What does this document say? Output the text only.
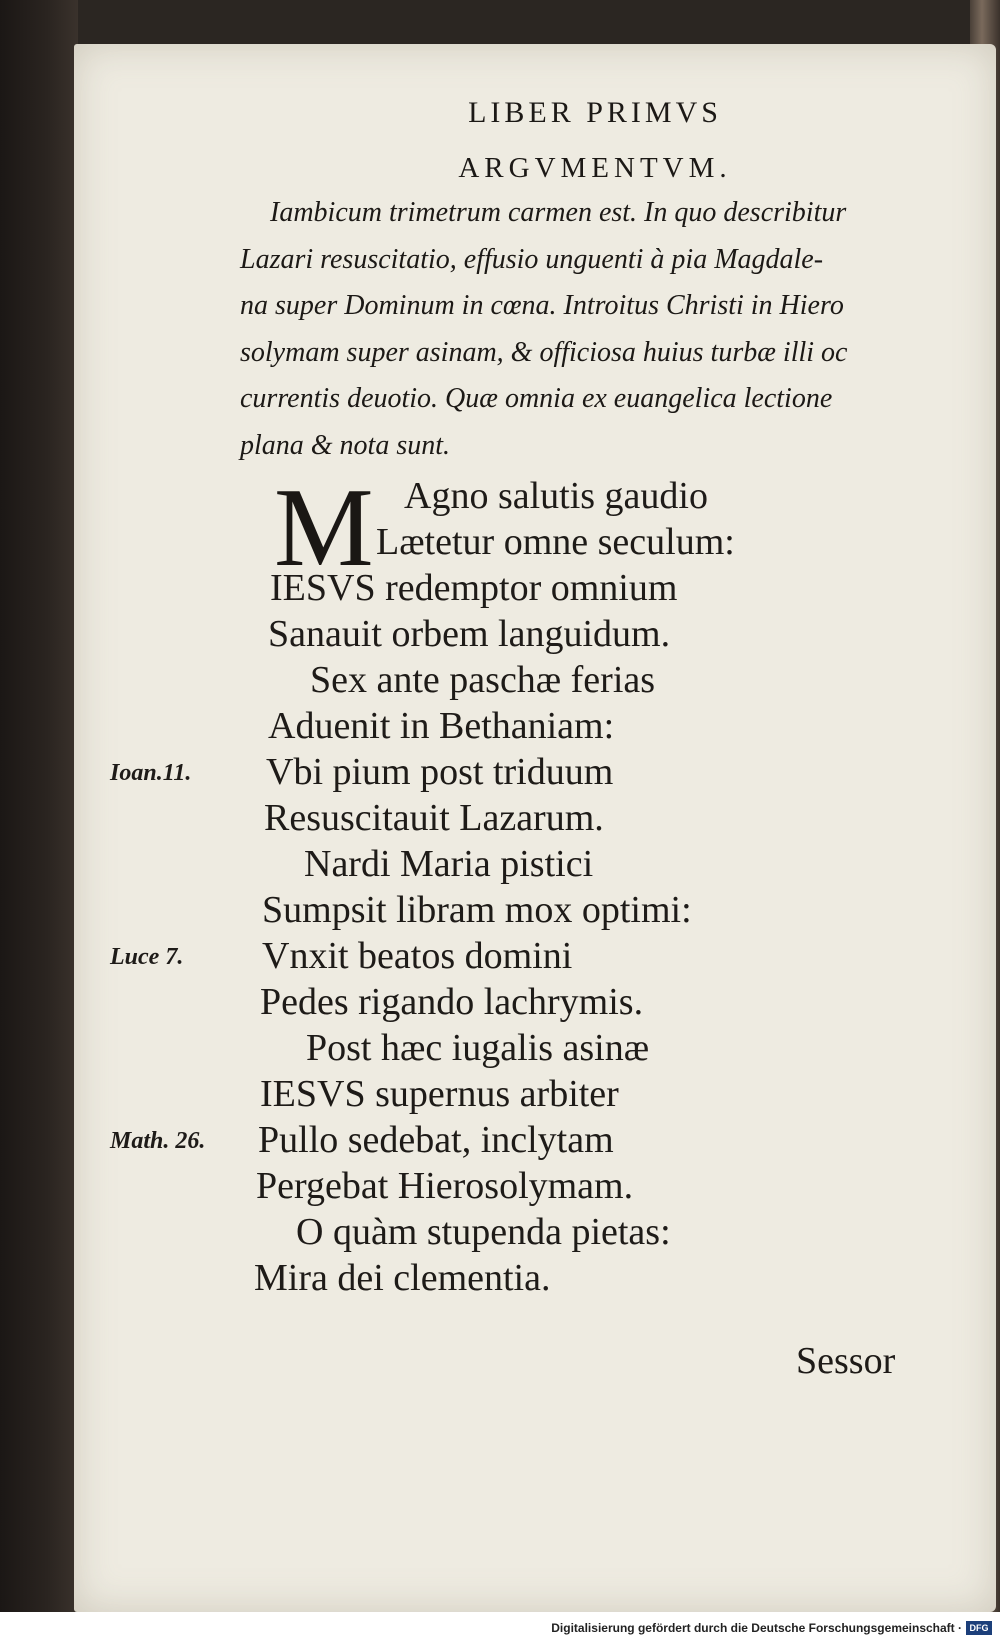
LIBER PRIMVS
ARGVMENTVM.
Iambicum trimetrum carmen est. In quo describitur
Lazari resuscitatio, effusio unguenti à pia Magdale-
na super Dominum in cœna. Introitus Christi in Hiero
solymam super asinam, & officiosa huius turbæ illi oc
currentis deuotio. Quæ omnia ex euangelica lectione
plana & nota sunt.
M Agno salutis gaudio
Lætetur omne seculum:
IESVS redemptor omnium
Sanauit orbem languidum.
Sex ante paschæ ferias
Aduenit in Bethaniam:
Vbi pium post triduum
Resuscitauit Lazarum.
Nardi Maria pistici
Sumpsit libram mox optimi:
Vnxit beatos domini
Pedes rigando lachrymis.
Post hæc iugalis asinæ
IESVS supernus arbiter
Pullo sedebat, inclytam
Pergebat Hierosolymam.
O quàm stupenda pietas:
Mira dei clementia.
Ioan.11.
Luce 7.
Math. 26.
Sessor
Digitalisierung gefördert durch die Deutsche Forschungsgemeinschaft · DFG
